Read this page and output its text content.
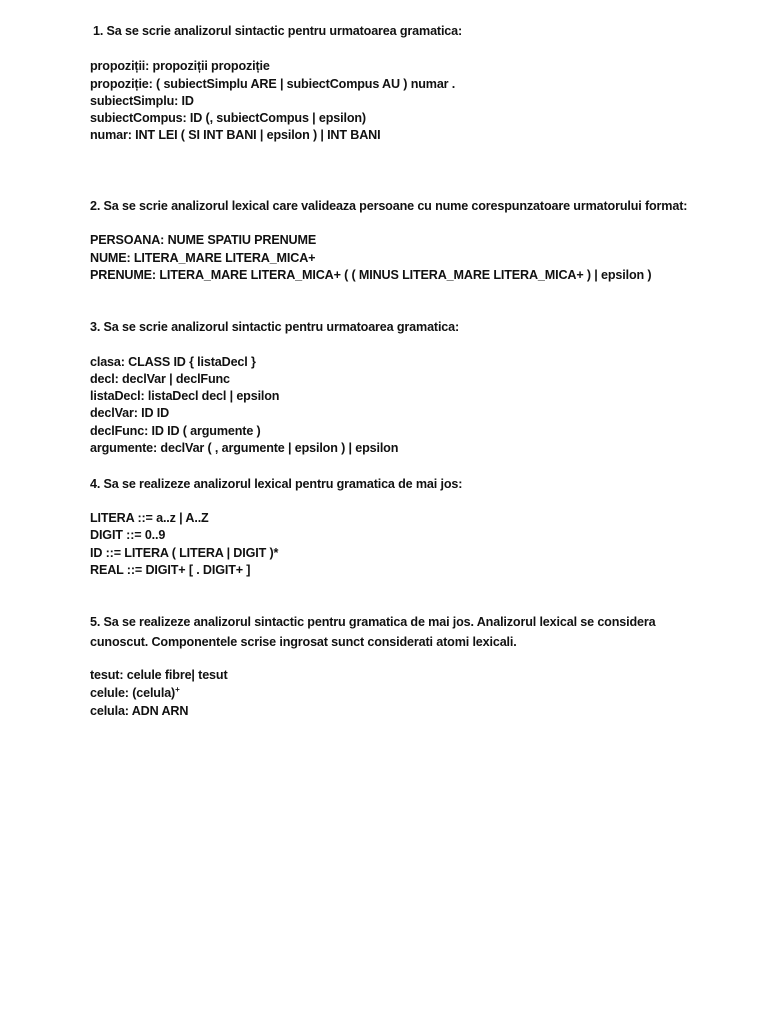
1. Sa se scrie analizorul sintactic pentru urmatoarea gramatica:
propoziții: propoziții propoziție
propoziție: ( subiectSimplu ARE | subiectCompus AU ) numar .
subiectSimplu: ID
subiectCompus: ID (, subiectCompus | epsilon)
numar: INT LEI ( SI INT BANI | epsilon ) | INT BANI
2. Sa se scrie analizorul lexical care valideaza persoane cu nume corespunzatoare urmatorului format:
PERSOANA: NUME SPATIU PRENUME
NUME: LITERA_MARE LITERA_MICA+
PRENUME: LITERA_MARE LITERA_MICA+ ( ( MINUS LITERA_MARE LITERA_MICA+ ) | epsilon )
3. Sa se scrie analizorul sintactic pentru urmatoarea gramatica:
clasa: CLASS ID { listaDecl }
decl: declVar | declFunc
listaDecl: listaDecl decl | epsilon
declVar: ID ID
declFunc: ID ID ( argumente )
argumente: declVar ( , argumente | epsilon ) | epsilon
4. Sa se realizeze analizorul lexical pentru gramatica de mai jos:
LITERA ::= a..z | A..Z
DIGIT ::= 0..9
ID ::= LITERA ( LITERA | DIGIT )*
REAL ::= DIGIT+ [ . DIGIT+ ]
5. Sa se realizeze analizorul sintactic pentru gramatica de mai jos. Analizorul lexical se considera
cunoscut. Componentele scrise ingrosat sunct considerati atomi lexicali.
tesut: celule fibre| tesut
celule: (celula)+
celula: ADN ARN
